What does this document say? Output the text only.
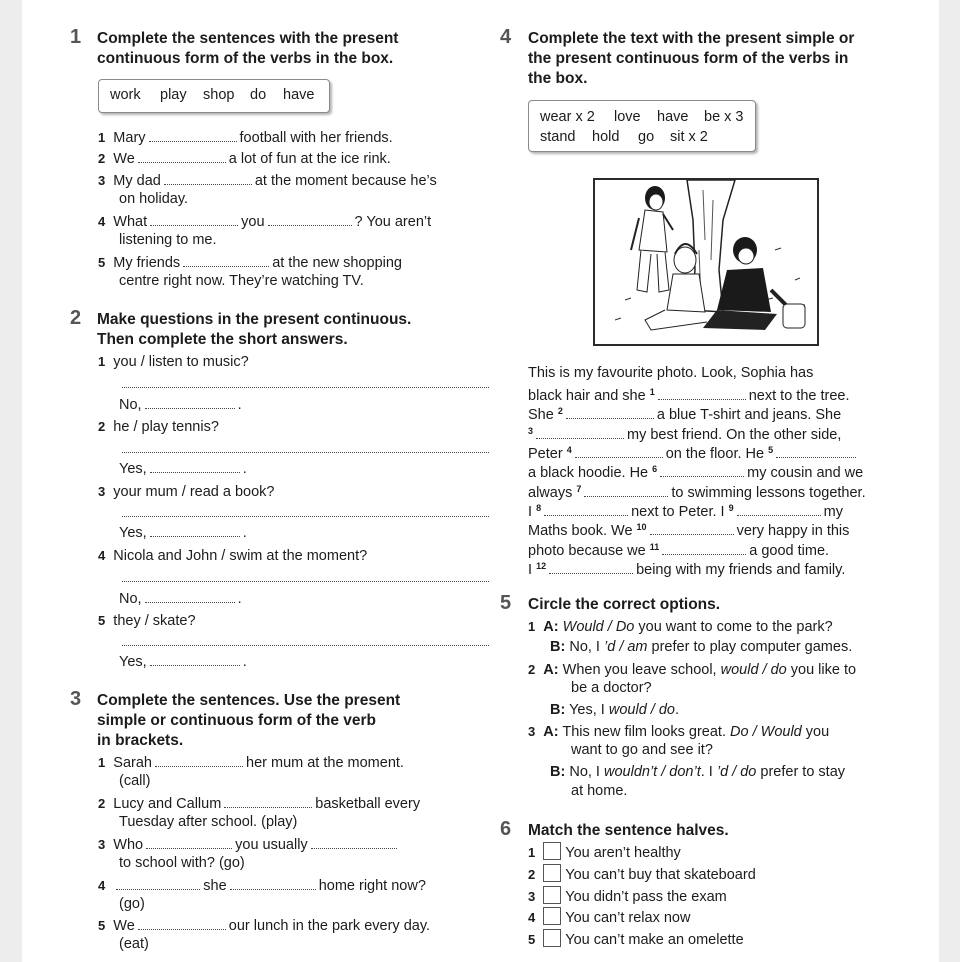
1 Complete the sentences with the present
continuous form of the verbs in the box.
work play shop do have
1 Mary	football with her friends.
2 We	a lot of fun at the ice rink.
3 My dad	at the moment because he’s
on holiday.
4 What	you	? You aren’t
listening to me.
5 My friends	at the new shopping
centre right now. They’re watching TV.
2 Make questions in the present continuous.
Then complete the short answers.
1 you / listen to music?
No,	.
2 he / play tennis?
Yes,	.
3 your mum / read a book?
Yes,	.
4 Nicola and John / swim at the moment?
No,	.
5 they / skate?
Yes,	.
3 Complete the sentences. Use the present
simple or continuous form of the verb
in brackets.
1 Sarah	her mum at the moment.
(call)
2 Lucy and Callum	basketball every
Tuesday after school. (play)
3 Who	you usually
to school with? (go)
4	she	home right now?
(go)
5 We	our lunch in the park every day.
(eat)
4 Complete the text with the present simple or
the present continuous form of the verbs in
the box.
wear x 2 love have be x 3
stand hold go sit x 2
This is my favourite photo. Look, Sophia has
black hair and she $^1$	next to the tree.
She $^2$	a blue T-shirt and jeans. She
$^3$	my best friend. On the other side,
Peter $^4$	on the floor. He $^5$
a black hoodie. He $^6$	my cousin and we
always $^7$	to swimming lessons together.
I $^8$	next to Peter. I $^9$	my
Maths book. We $^{10}$	very happy in this
photo because we $^{11}$	a good time.
I $^{12}$	being with my friends and family.
5 Circle the correct options.
1 A: Would / Do you want to come to the park?
B: No, I ’d / am prefer to play computer games.
2 A: When you leave school, would / do you like to
be a doctor?
B: Yes, I would / do.
3 A: This new film looks great. Do / Would you
want to go and see it?
B: No, I wouldn’t / don’t. I ’d / do prefer to stay
at home.
6 Match the sentence halves.
1 You aren’t healthy
2 You can’t buy that skateboard
3 You didn’t pass the exam
4 You can’t relax now
5 You can’t make an omelette
